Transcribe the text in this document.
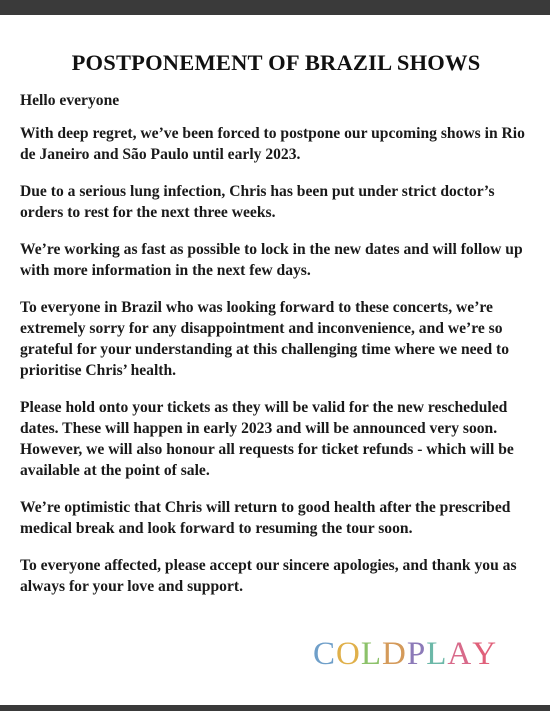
POSTPONEMENT OF BRAZIL SHOWS

Hello everyone

With deep regret, we’ve been forced to postpone our upcoming shows in Rio de Janeiro and São Paulo until early 2023.

Due to a serious lung infection, Chris has been put under strict doctor’s orders to rest for the next three weeks.

We’re working as fast as possible to lock in the new dates and will follow up with more information in the next few days.

To everyone in Brazil who was looking forward to these concerts, we’re extremely sorry for any disappointment and inconvenience, and we’re so grateful for your understanding at this challenging time where we need to prioritise Chris’ health.

Please hold onto your tickets as they will be valid for the new rescheduled dates. These will happen in early 2023 and will be announced very soon. However, we will also honour all requests for ticket refunds - which will be available at the point of sale.

We’re optimistic that Chris will return to good health after the prescribed medical break and look forward to resuming the tour soon.

To everyone affected, please accept our sincere apologies, and thank you as always for your love and support.

COLDPLAY
